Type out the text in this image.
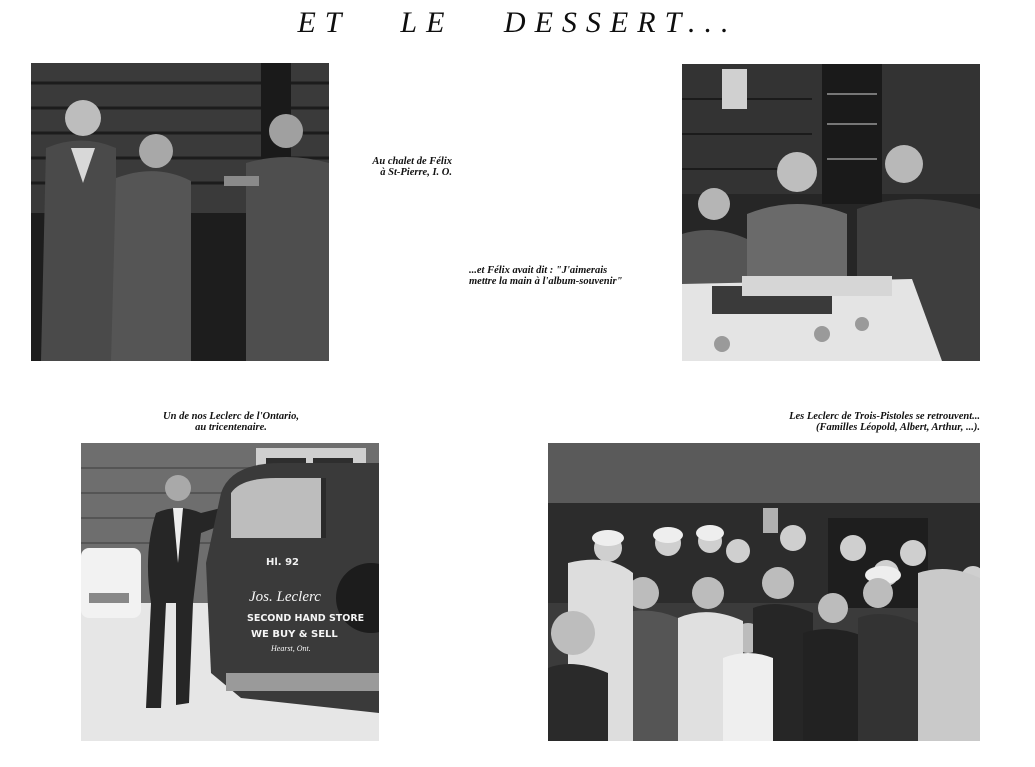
ET LE DESSERT...
Au chalet de Félix
à St-Pierre, I. O.
...et Félix avait dit : "J'aimerais
mettre la main à l'album-souvenir"
Un de nos Leclerc de l'Ontario,
au tricentenaire.
Hl. 92
Jos. Leclerc
SECOND HAND STORE
WE BUY & SELL
Hearst, Ont.
Les Leclerc de Trois-Pistoles se retrouvent...
(Familles Léopold, Albert, Arthur, ...).
